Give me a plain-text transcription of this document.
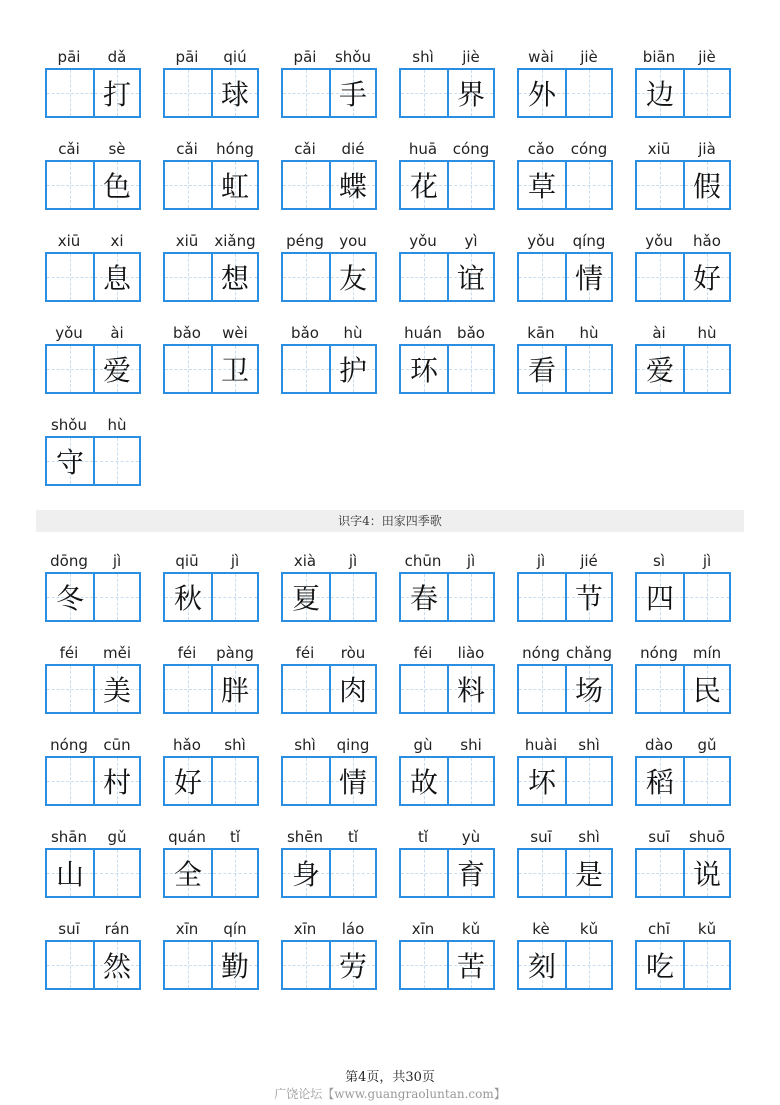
pāi	dǎ
打
pāi	qiú
球
pāi	shǒu
手
shì	jiè
界
wài	jiè
外
biān	jiè
边
cǎi	sè
色
cǎi	hóng
虹
cǎi	dié
蝶
huā	cóng
花
cǎo	cóng
草
xiū	jià
假
xiū	xi
息
xiū	xiǎng
想
péng	you
友
yǒu	yì
谊
yǒu	qíng
情
yǒu	hǎo
好
yǒu	ài
爱
bǎo	wèi
卫
bǎo	hù
护
huán	bǎo
环
kān	hù
看
ài	hù
爱
shǒu	hù
守
识字4：田家四季歌
dōng	jì
冬
qiū	jì
秋
xià	jì
夏
chūn	jì
春
jì	jié
节
sì	jì
四
féi	měi
美
féi	pàng
胖
féi	ròu
肉
féi	liào
料
nóng chǎng
场
nóng mín
民
nóng	cūn
村
hǎo	shì
好
shì	qing
情
gù	shi
故
huài	shì
坏
dào	gǔ
稻
shān	gǔ
山
quán	tǐ
全
shēn	tǐ
身
tǐ	yù
育
suī	shì
是
suī	shuō
说
suī	rán
然
xīn	qín
勤
xīn	láo
劳
xīn	kǔ
苦
kè	kǔ
刻
chī	kǔ
吃
第4页，共30页
广饶论坛【www.guangraoluntan.com】
